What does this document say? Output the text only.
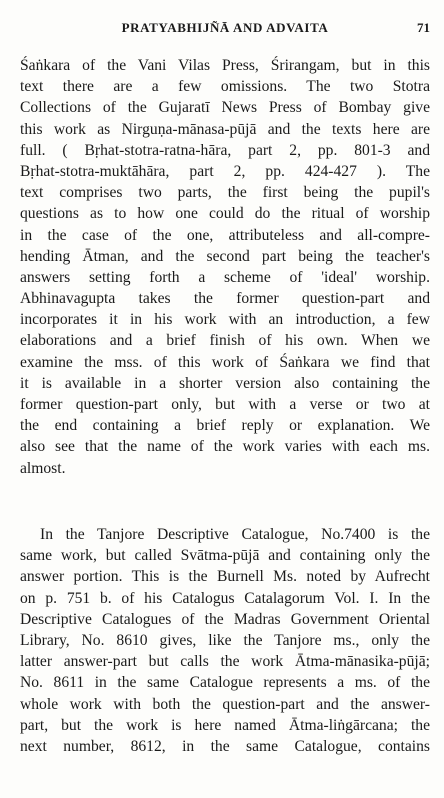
PRATYABHIJÑĀ AND ADVAITA	71
Śaṅkara of the Vani Vilas Press, Śrirangam, but in this
text there are a few omissions. The two Stotra
Collections of the Gujaratī News Press of Bombay give
this work as Nirguṇa-mānasa-pūjā and the texts here are
full. ( Bṛhat-stotra-ratna-hāra, part 2, pp. 801-3 and
Bṛhat-stotra-muktāhāra, part 2, pp. 424-427 ). The
text comprises two parts, the first being the pupil's
questions as to how one could do the ritual of worship
in the case of the one, attributeless and all-compre-
hending Ātman, and the second part being the teacher's
answers setting forth a scheme of 'ideal' worship.
Abhinavagupta takes the former question-part and
incorporates it in his work with an introduction, a few
elaborations and a brief finish of his own. When we
examine the mss. of this work of Śaṅkara we find that
it is available in a shorter version also containing the
former question-part only, but with a verse or two at
the end containing a brief reply or explanation. We
also see that the name of the work varies with each ms.
almost.
In the Tanjore Descriptive Catalogue, No.7400 is the
same work, but called Svātma-pūjā and containing only the
answer portion. This is the Burnell Ms. noted by Aufrecht
on p. 751 b. of his Catalogus Catalagorum Vol. I. In the
Descriptive Catalogues of the Madras Government Oriental
Library, No. 8610 gives, like the Tanjore ms., only the
latter answer-part but calls the work Ātma-mānasika-pūjā;
No. 8611 in the same Catalogue represents a ms. of the
whole work with both the question-part and the answer-
part, but the work is here named Ātma-liṅgārcana; the
next number, 8612, in the same Catalogue, contains
